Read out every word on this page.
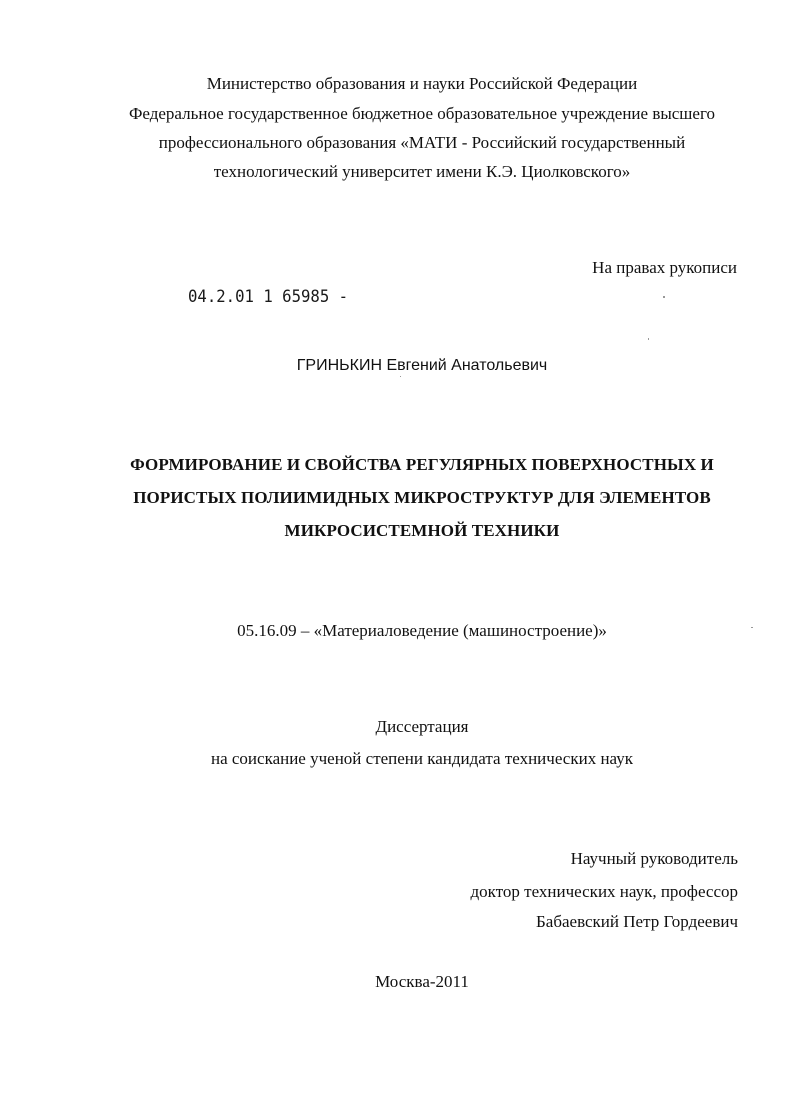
Министерство образования и науки Российской Федерации
Федеральное государственное бюджетное образовательное учреждение высшего
профессионального образования «МАТИ - Российский государственный
технологический университет имени К.Э. Циолковского»
На правах рукописи
04.2.01 1 65985 -
ГРИНЬКИН Евгений Анатольевич
ФОРМИРОВАНИЕ И СВОЙСТВА РЕГУЛЯРНЫХ ПОВЕРХНОСТНЫХ И
ПОРИСТЫХ ПОЛИИМИДНЫХ МИКРОСТРУКТУР ДЛЯ ЭЛЕМЕНТОВ
МИКРОСИСТЕМНОЙ ТЕХНИКИ
05.16.09 – «Материаловедение (машиностроение)»
Диссертация
на соискание ученой степени кандидата технических наук
Научный руководитель
доктор технических наук, профессор
Бабаевский Петр Гордеевич
Москва-2011
